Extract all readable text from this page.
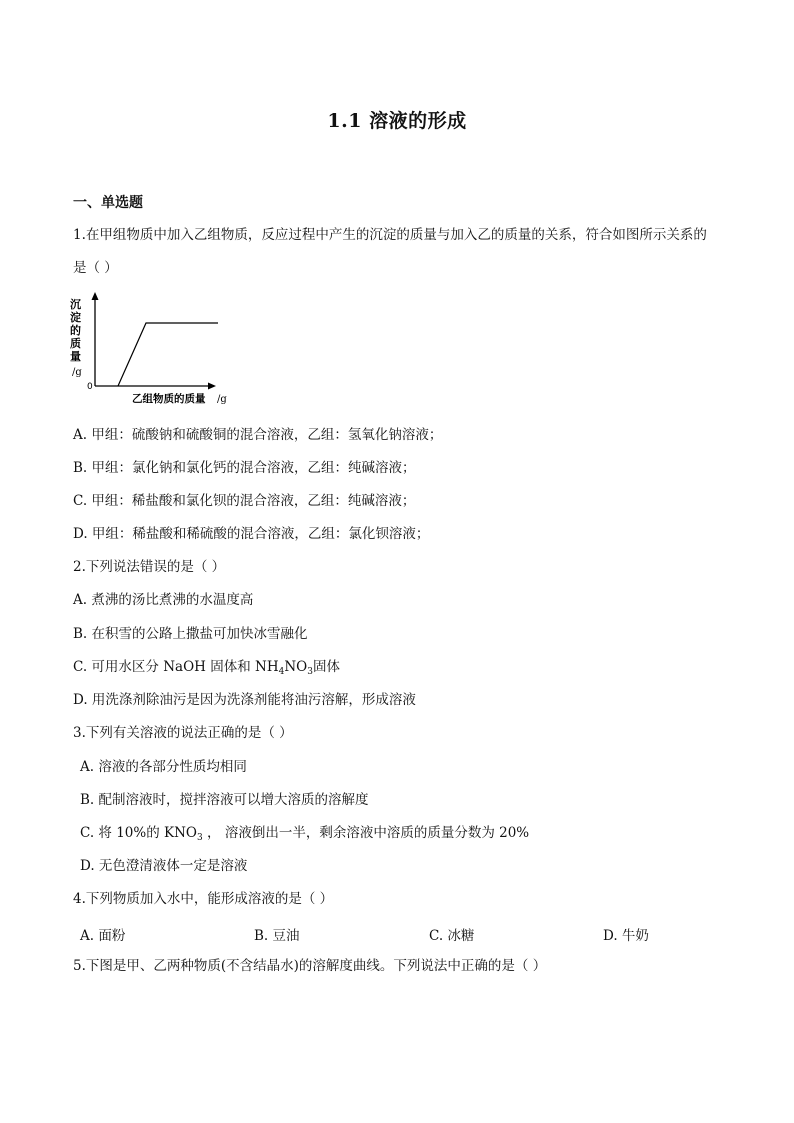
1.1 溶液的形成
一、单选题
1.在甲组物质中加入乙组物质，反应过程中产生的沉淀的质量与加入乙的质量的关系，符合如图所示关系的
是（ ）
沉
淀
的
质
量
/g
0
乙组物质的质量 /g
A. 甲组：硫酸钠和硫酸铜的混合溶液，乙组：氢氧化钠溶液；
B. 甲组：氯化钠和氯化钙的混合溶液，乙组：纯碱溶液；
C. 甲组：稀盐酸和氯化钡的混合溶液，乙组：纯碱溶液；
D. 甲组：稀盐酸和稀硫酸的混合溶液，乙组：氯化钡溶液；
2.下列说法错误的是（ ）
A. 煮沸的汤比煮沸的水温度高
B. 在积雪的公路上撒盐可加快冰雪融化
C. 可用水区分 NaOH 固体和 $NH_4NO_3$固体
D. 用洗涤剂除油污是因为洗涤剂能将油污溶解，形成溶液
3.下列有关溶液的说法正确的是（ ）
A. 溶液的各部分性质均相同
B. 配制溶液时，搅拌溶液可以增大溶质的溶解度
C. 将 10%的 $KNO_3$ ， 溶液倒出一半，剩余溶液中溶质的质量分数为 20%
D. 无色澄清液体一定是溶液
4.下列物质加入水中，能形成溶液的是（ ）
A. 面粉	B. 豆油	C. 冰糖	D. 牛奶
5.下图是甲、乙两种物质(不含结晶水)的溶解度曲线。下列说法中正确的是（ ）
